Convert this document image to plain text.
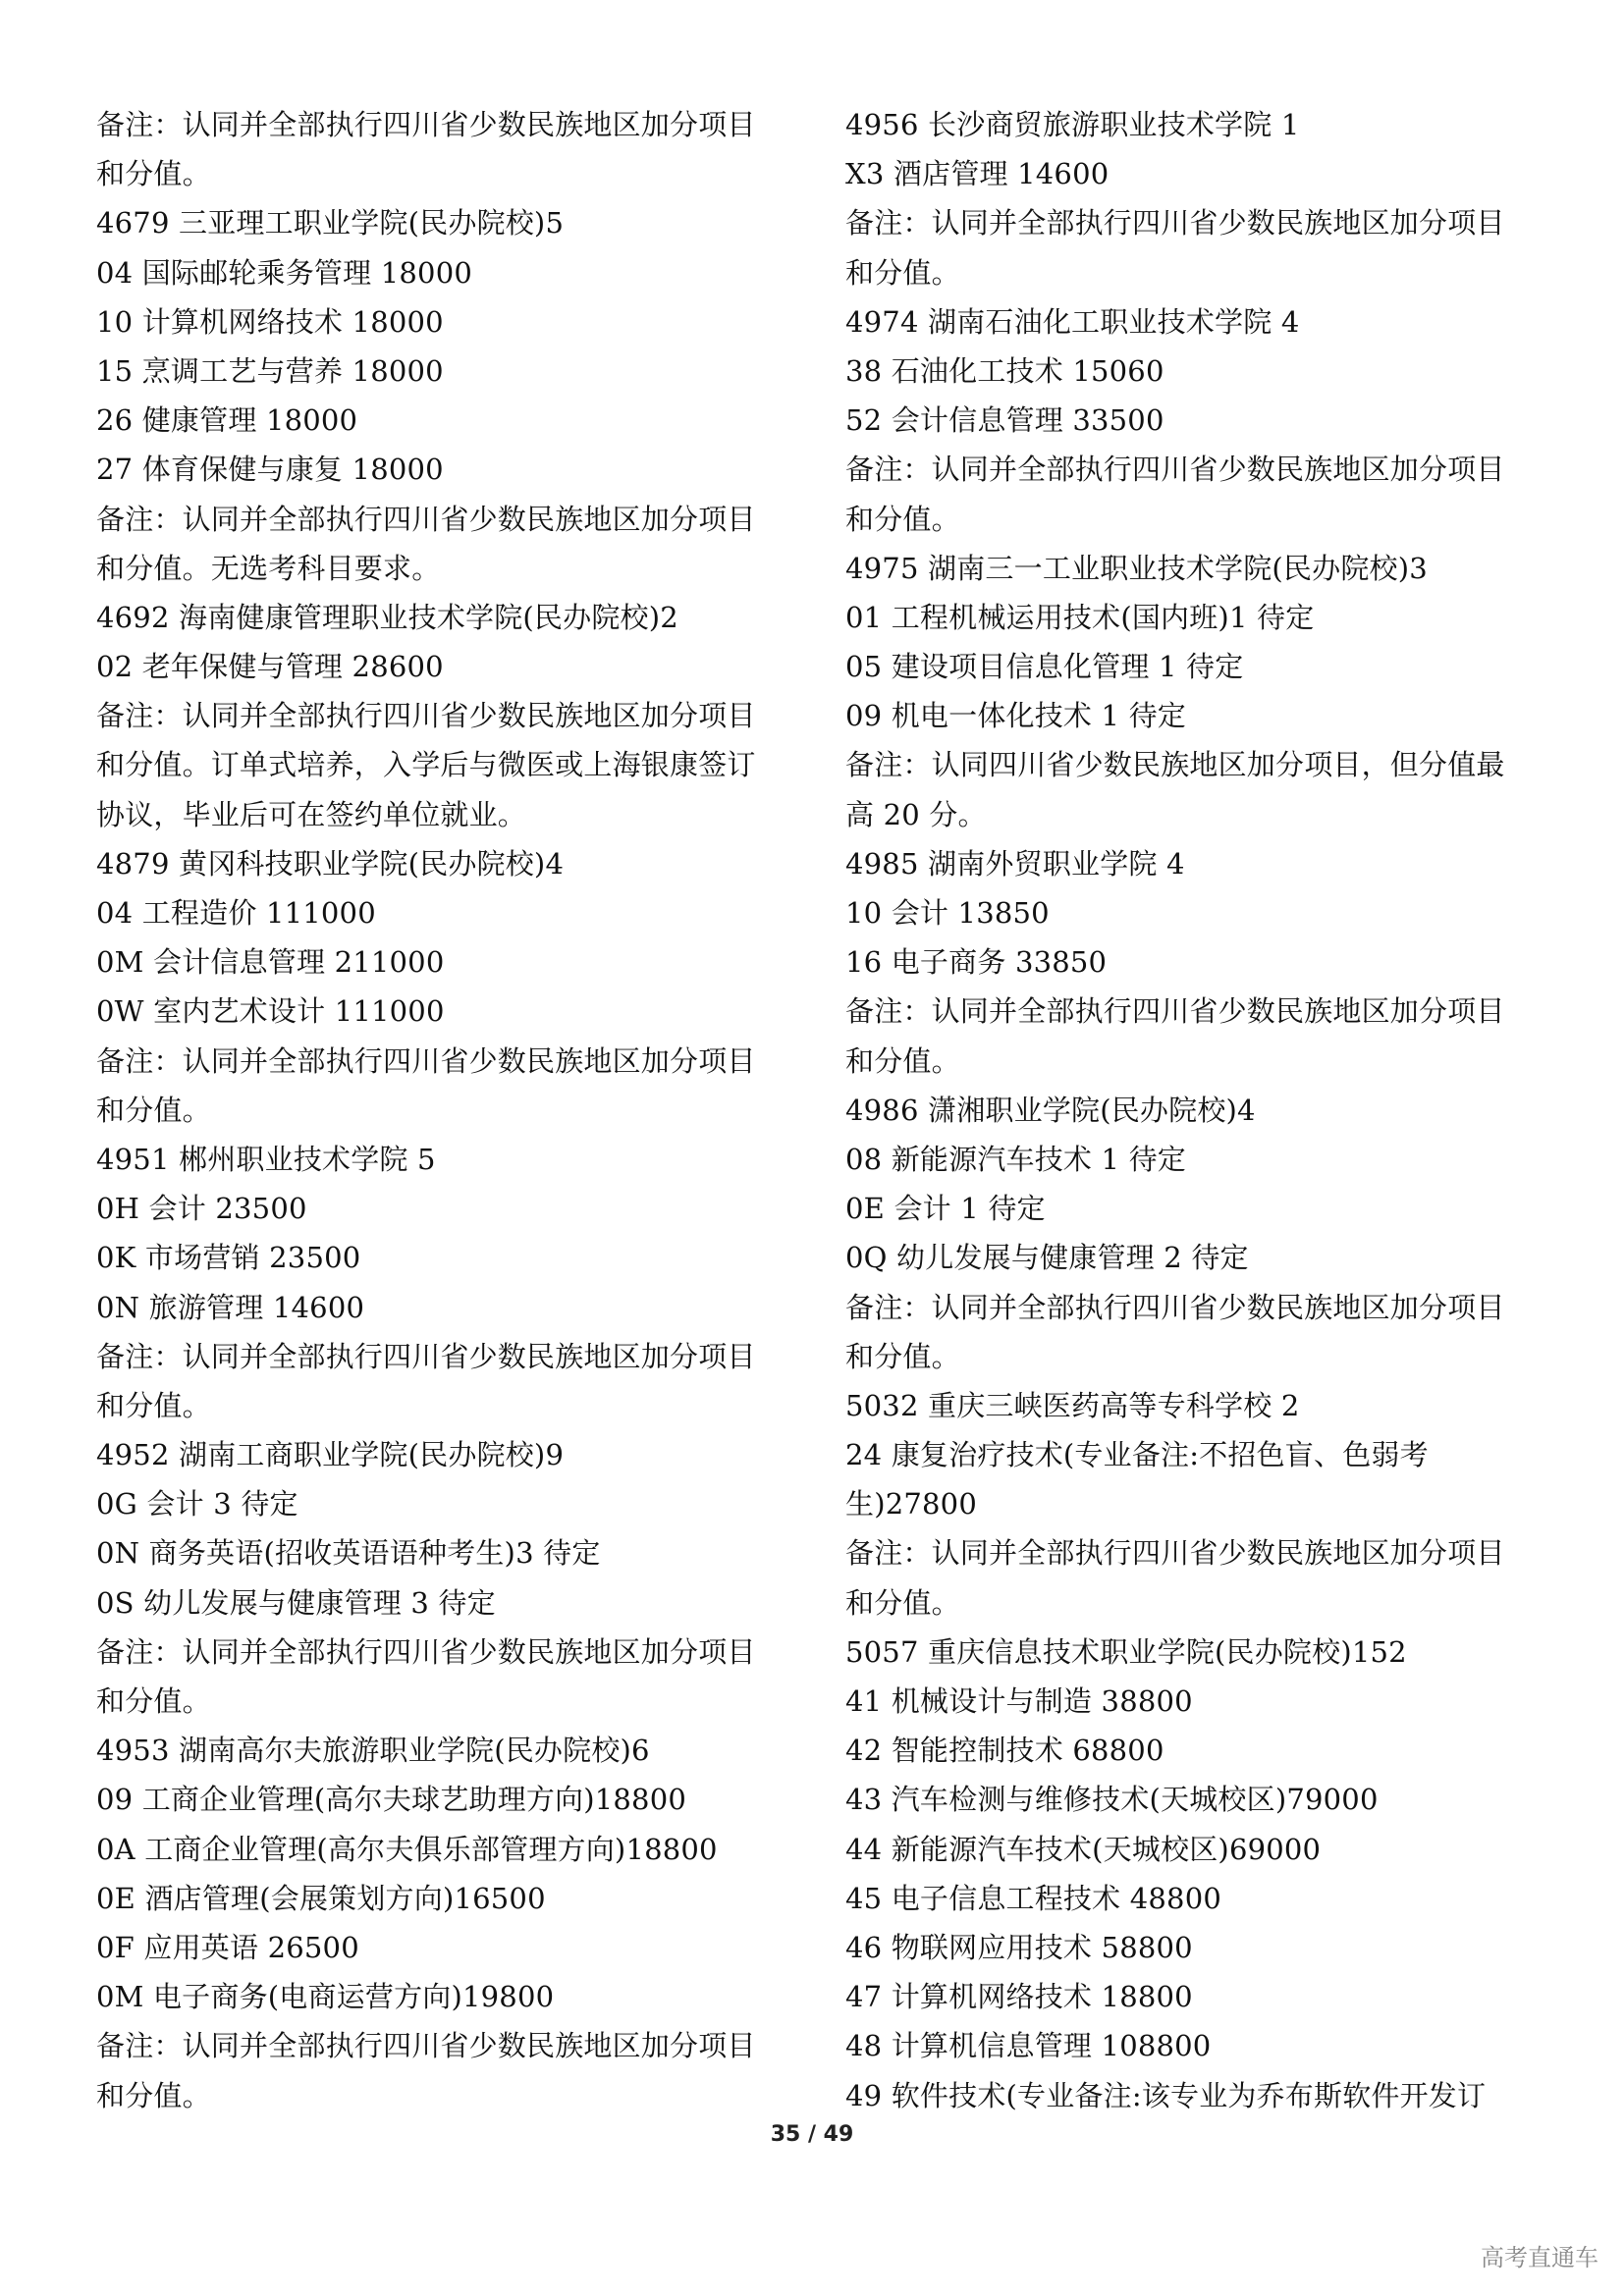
备注：认同并全部执行四川省少数民族地区加分项目
和分值。
4679 三亚理工职业学院(民办院校)5
04 国际邮轮乘务管理 18000
10 计算机网络技术 18000
15 烹调工艺与营养 18000
26 健康管理 18000
27 体育保健与康复 18000
备注：认同并全部执行四川省少数民族地区加分项目
和分值。无选考科目要求。
4692 海南健康管理职业技术学院(民办院校)2
02 老年保健与管理 28600
备注：认同并全部执行四川省少数民族地区加分项目
和分值。订单式培养，入学后与微医或上海银康签订
协议，毕业后可在签约单位就业。
4879 黄冈科技职业学院(民办院校)4
04 工程造价 111000
0M 会计信息管理 211000
0W 室内艺术设计 111000
备注：认同并全部执行四川省少数民族地区加分项目
和分值。
4951 郴州职业技术学院 5
0H 会计 23500
0K 市场营销 23500
0N 旅游管理 14600
备注：认同并全部执行四川省少数民族地区加分项目
和分值。
4952 湖南工商职业学院(民办院校)9
0G 会计 3 待定
0N 商务英语(招收英语语种考生)3 待定
0S 幼儿发展与健康管理 3 待定
备注：认同并全部执行四川省少数民族地区加分项目
和分值。
4953 湖南高尔夫旅游职业学院(民办院校)6
09 工商企业管理(高尔夫球艺助理方向)18800
0A 工商企业管理(高尔夫俱乐部管理方向)18800
0E 酒店管理(会展策划方向)16500
0F 应用英语 26500
0M 电子商务(电商运营方向)19800
备注：认同并全部执行四川省少数民族地区加分项目
和分值。
4956 长沙商贸旅游职业技术学院 1
X3 酒店管理 14600
备注：认同并全部执行四川省少数民族地区加分项目
和分值。
4974 湖南石油化工职业技术学院 4
38 石油化工技术 15060
52 会计信息管理 33500
备注：认同并全部执行四川省少数民族地区加分项目
和分值。
4975 湖南三一工业职业技术学院(民办院校)3
01 工程机械运用技术(国内班)1 待定
05 建设项目信息化管理 1 待定
09 机电一体化技术 1 待定
备注：认同四川省少数民族地区加分项目，但分值最
高 20 分。
4985 湖南外贸职业学院 4
10 会计 13850
16 电子商务 33850
备注：认同并全部执行四川省少数民族地区加分项目
和分值。
4986 潇湘职业学院(民办院校)4
08 新能源汽车技术 1 待定
0E 会计 1 待定
0Q 幼儿发展与健康管理 2 待定
备注：认同并全部执行四川省少数民族地区加分项目
和分值。
5032 重庆三峡医药高等专科学校 2
24 康复治疗技术(专业备注:不招色盲、色弱考
生)27800
备注：认同并全部执行四川省少数民族地区加分项目
和分值。
5057 重庆信息技术职业学院(民办院校)152
41 机械设计与制造 38800
42 智能控制技术 68800
43 汽车检测与维修技术(天城校区)79000
44 新能源汽车技术(天城校区)69000
45 电子信息工程技术 48800
46 物联网应用技术 58800
47 计算机网络技术 18800
48 计算机信息管理 108800
49 软件技术(专业备注:该专业为乔布斯软件开发订
35 / 49
高考直通车
